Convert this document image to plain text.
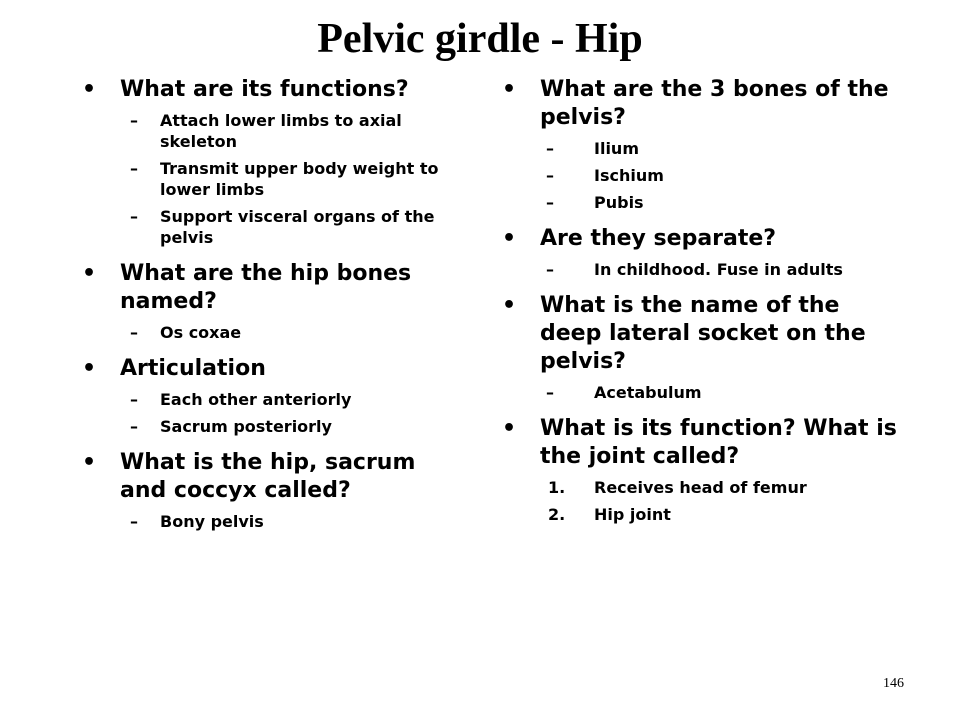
Pelvic girdle - Hip
• What are its functions?
– Attach lower limbs to axial skeleton
– Transmit upper body weight to lower limbs
– Support visceral organs of the pelvis
• What are the hip bones named?
– Os coxae
• Articulation
– Each other anteriorly
– Sacrum posteriorly
• What is the hip, sacrum and coccyx called?
– Bony pelvis
• What are the 3 bones of the pelvis?
–	Ilium
–	Ischium
–	Pubis
• Are they separate?
–	In childhood. Fuse in adults
• What is the name of the deep lateral socket on the pelvis?
–	Acetabulum
• What is its function? What is the joint called?
1. Receives head of femur
2. Hip joint
146
